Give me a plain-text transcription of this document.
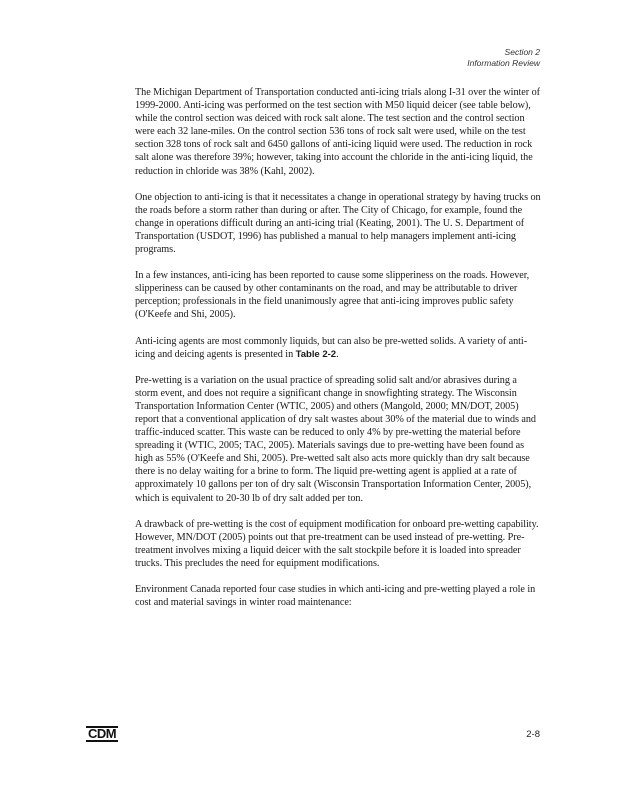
Section 2
Information Review

The Michigan Department of Transportation conducted anti-icing trials along I-31 over the winter of 1999-2000. Anti-icing was performed on the test section with M50 liquid deicer (see table below), while the control section was deiced with rock salt alone. The test section and the control section were each 32 lane-miles. On the control section 536 tons of rock salt were used, while on the test section 328 tons of rock salt and 6450 gallons of anti-icing liquid were used. The reduction in rock salt alone was therefore 39%; however, taking into account the chloride in the anti-icing liquid, the reduction in chloride was 38% (Kahl, 2002).

One objection to anti-icing is that it necessitates a change in operational strategy by having trucks on the roads before a storm rather than during or after. The City of Chicago, for example, found the change in operations difficult during an anti-icing trial (Keating, 2001). The U. S. Department of Transportation (USDOT, 1996) has published a manual to help managers implement anti-icing programs.

In a few instances, anti-icing has been reported to cause some slipperiness on the roads. However, slipperiness can be caused by other contaminants on the road, and may be attributable to driver perception; professionals in the field unanimously agree that anti-icing improves public safety (O'Keefe and Shi, 2005).

Anti-icing agents are most commonly liquids, but can also be pre-wetted solids. A variety of anti-icing and deicing agents is presented in Table 2-2.

Pre-wetting is a variation on the usual practice of spreading solid salt and/or abrasives during a storm event, and does not require a significant change in snowfighting strategy. The Wisconsin Transportation Information Center (WTIC, 2005) and others (Mangold, 2000; MN/DOT, 2005) report that a conventional application of dry salt wastes about 30% of the material due to winds and traffic-induced scatter. This waste can be reduced to only 4% by pre-wetting the material before spreading it (WTIC, 2005; TAC, 2005). Materials savings due to pre-wetting have been found as high as 55% (O'Keefe and Shi, 2005). Pre-wetted salt also acts more quickly than dry salt because there is no delay waiting for a brine to form. The liquid pre-wetting agent is applied at a rate of approximately 10 gallons per ton of dry salt (Wisconsin Transportation Information Center, 2005), which is equivalent to 20-30 lb of dry salt added per ton.

A drawback of pre-wetting is the cost of equipment modification for onboard pre-wetting capability. However, MN/DOT (2005) points out that pre-treatment can be used instead of pre-wetting. Pre-treatment involves mixing a liquid deicer with the salt stockpile before it is loaded into spreader trucks. This precludes the need for equipment modifications.

Environment Canada reported four case studies in which anti-icing and pre-wetting played a role in cost and material savings in winter road maintenance:

CDM	2-8
